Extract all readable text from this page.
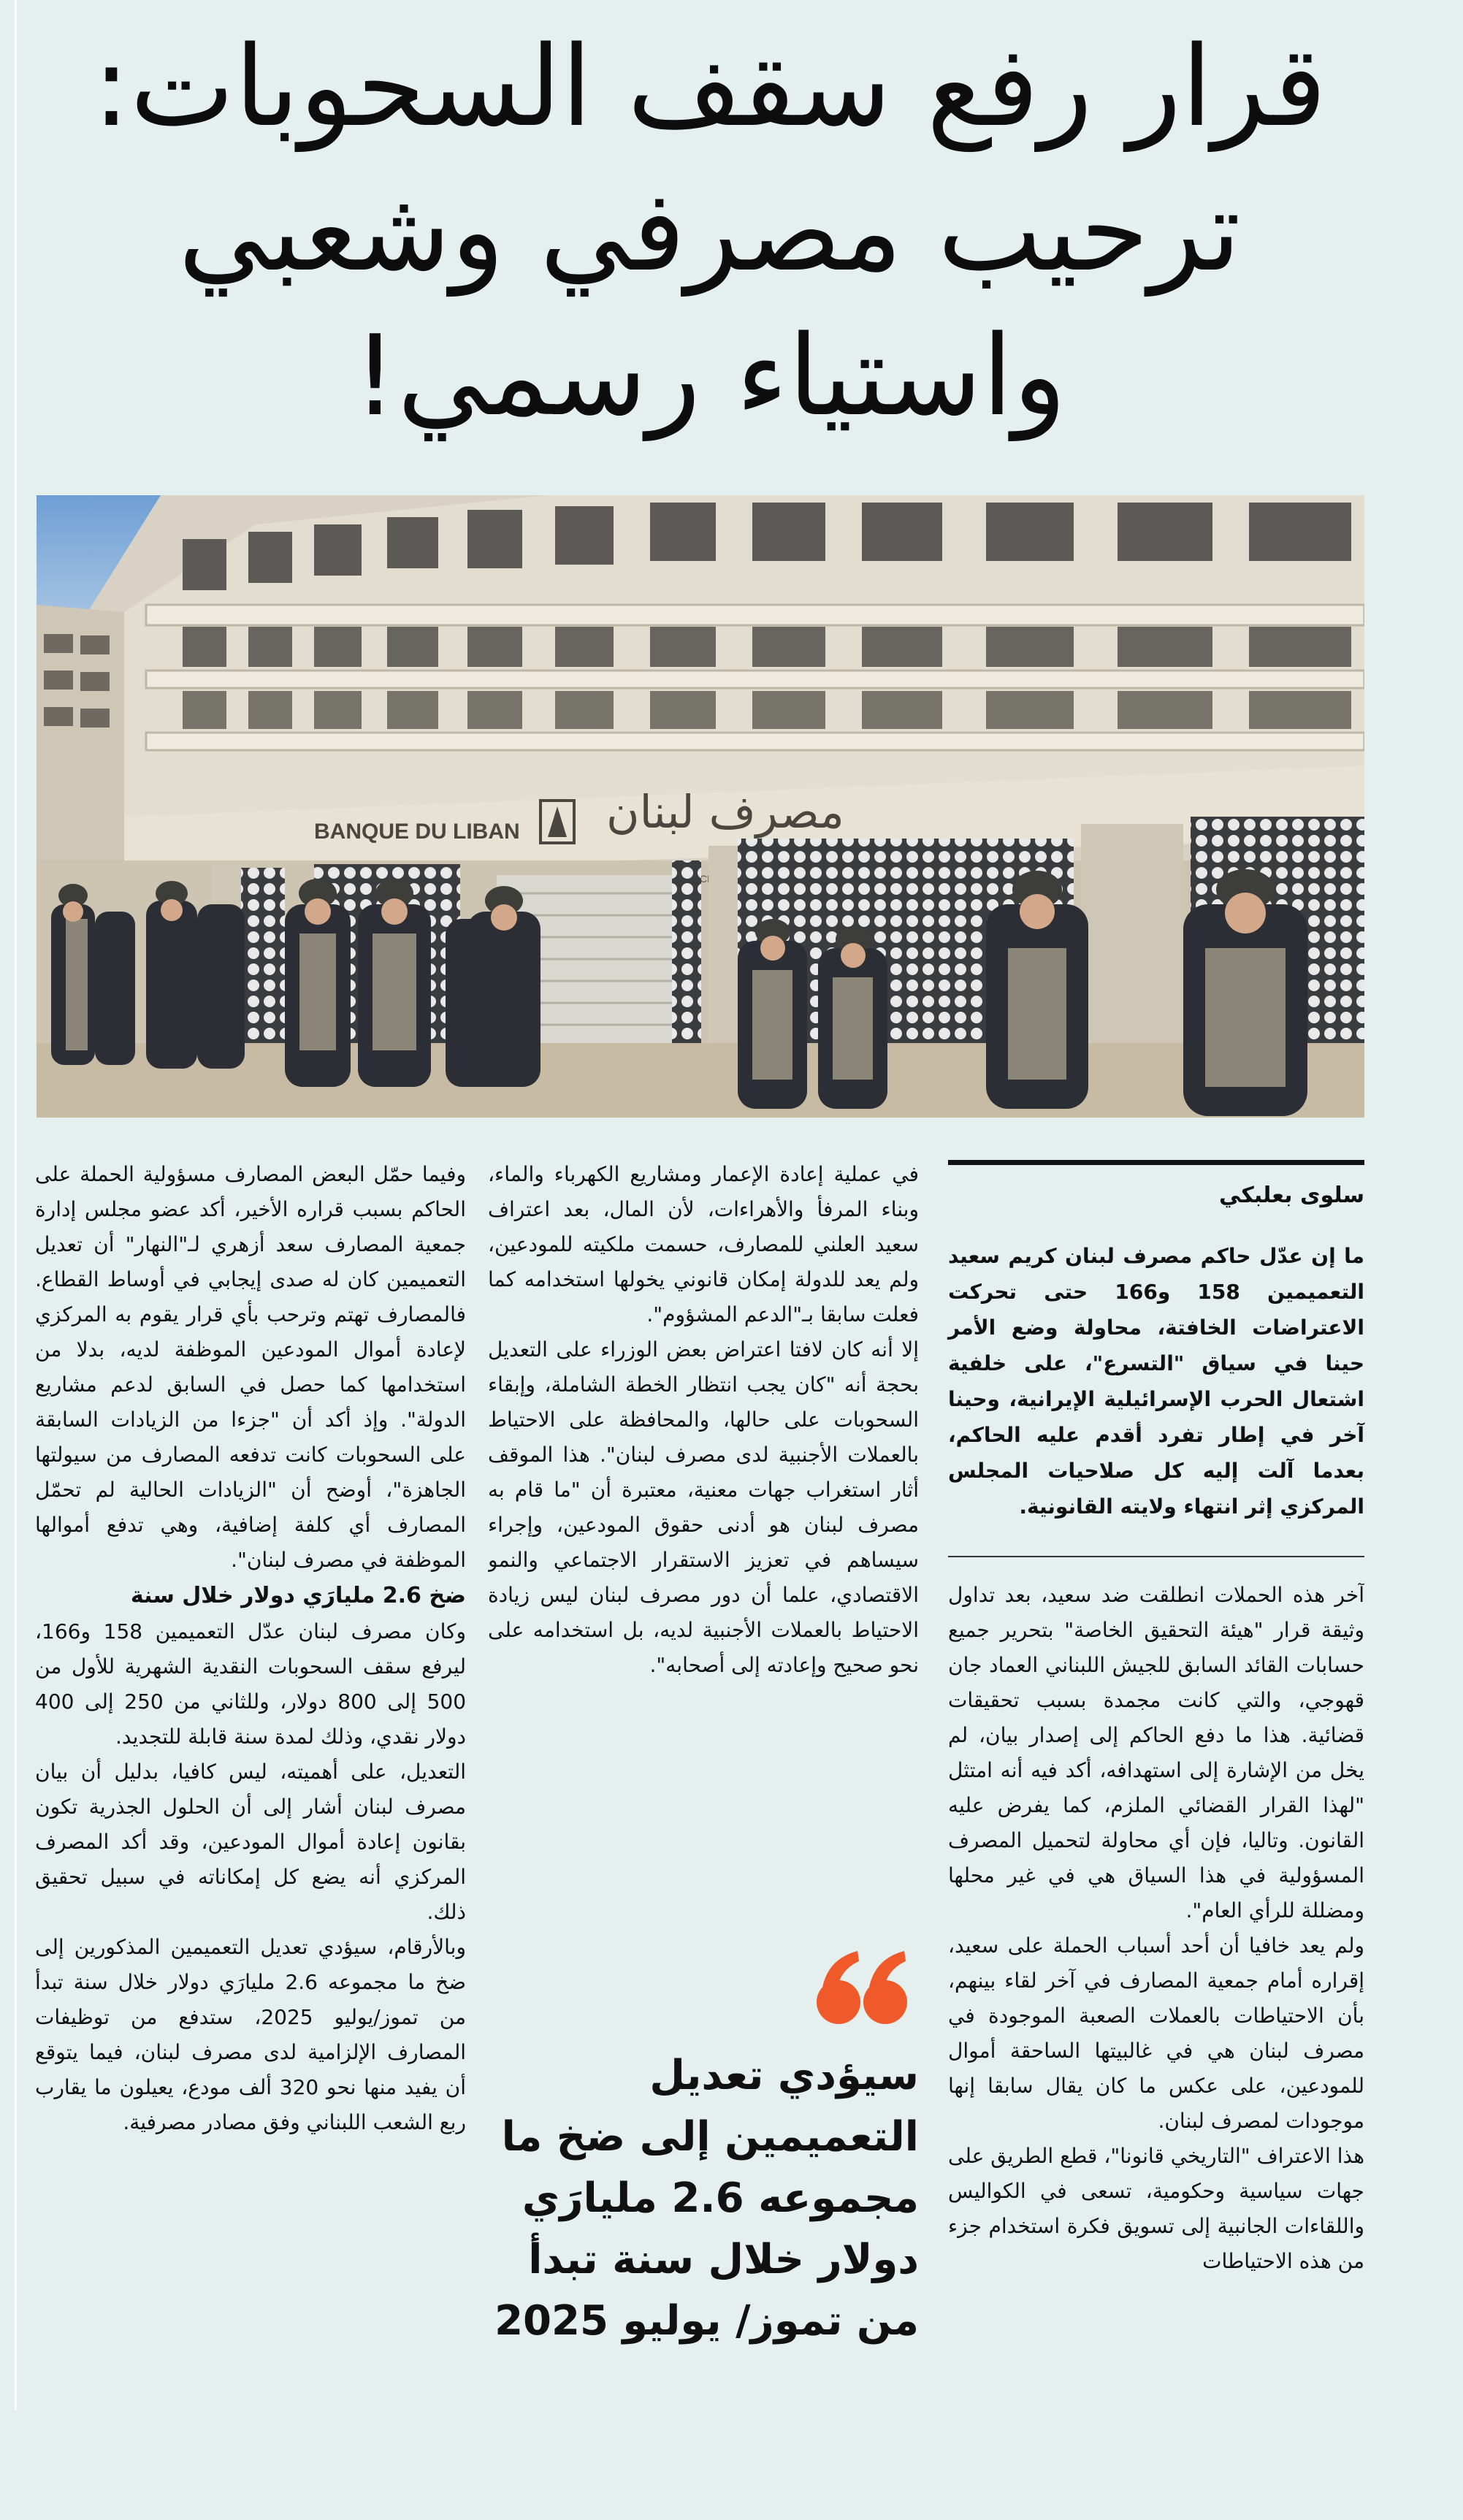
قرار رفع سقف السحوبات:
ترحيب مصرفي وشعبي
واستياء رسمي!
BANQUE DU LIBAN مصرف لبنان
سلوى بعلبكي
ما إن عدّل حاكم مصرف لبنان كريم سعيد التعميمين 158 و166 حتى تحركت الاعتراضات الخافتة، محاولة وضع الأمر حينا في سياق "التسرع"، على خلفية اشتعال الحرب الإسرائيلية الإيرانية، وحينا آخر في إطار تفرد أقدم عليه الحاكم، بعدما آلت إليه كل صلاحيات المجلس المركزي إثر انتهاء ولايته القانونية.

آخر هذه الحملات انطلقت ضد سعيد، بعد تداول وثيقة قرار "هيئة التحقيق الخاصة" بتحرير جميع حسابات القائد السابق للجيش اللبناني العماد جان قهوجي، والتي كانت مجمدة بسبب تحقيقات قضائية. هذا ما دفع الحاكم إلى إصدار بيان، لم يخل من الإشارة إلى استهدافه، أكد فيه أنه امتثل "لهذا القرار القضائي الملزم، كما يفرض عليه القانون. وتاليا، فإن أي محاولة لتحميل المصرف المسؤولية في هذا السياق هي في غير محلها ومضللة للرأي العام".

ولم يعد خافيا أن أحد أسباب الحملة على سعيد، إقراره أمام جمعية المصارف في آخر لقاء بينهم، بأن الاحتياطات بالعملات الصعبة الموجودة في مصرف لبنان هي في غالبيتها الساحقة أموال للمودعين، على عكس ما كان يقال سابقا إنها موجودات لمصرف لبنان.

هذا الاعتراف "التاريخي قانونا"، قطع الطريق على جهات سياسية وحكومية، تسعى في الكواليس واللقاءات الجانبية إلى تسويق فكرة استخدام جزء من هذه الاحتياطات

في عملية إعادة الإعمار ومشاريع الكهرباء والماء، وبناء المرفأ والأهراءات، لأن المال، بعد اعتراف سعيد العلني للمصارف، حسمت ملكيته للمودعين، ولم يعد للدولة إمكان قانوني يخولها استخدامه كما فعلت سابقا بـ"الدعم المشؤوم".

إلا أنه كان لافتا اعتراض بعض الوزراء على التعديل بحجة أنه "كان يجب انتظار الخطة الشاملة، وإبقاء السحوبات على حالها، والمحافظة على الاحتياط بالعملات الأجنبية لدى مصرف لبنان". هذا الموقف أثار استغراب جهات معنية، معتبرة أن "ما قام به مصرف لبنان هو أدنى حقوق المودعين، وإجراء سيساهم في تعزيز الاستقرار الاجتماعي والنمو الاقتصادي، علما أن دور مصرف لبنان ليس زيادة الاحتياط بالعملات الأجنبية لديه، بل استخدامه على نحو صحيح وإعادته إلى أصحابه".

سيؤدي تعديل التعميمين إلى ضخ ما مجموعه 2.6 مليارَي دولار خلال سنة تبدأ من تموز/ يوليو 2025

وفيما حمّل البعض المصارف مسؤولية الحملة على الحاكم بسبب قراره الأخير، أكد عضو مجلس إدارة جمعية المصارف سعد أزهري لـ"النهار" أن تعديل التعميمين كان له صدى إيجابي في أوساط القطاع. فالمصارف تهتم وترحب بأي قرار يقوم به المركزي لإعادة أموال المودعين الموظفة لديه، بدلا من استخدامها كما حصل في السابق لدعم مشاريع الدولة". وإذ أكد أن "جزءا من الزيادات السابقة على السحوبات كانت تدفعه المصارف من سيولتها الجاهزة"، أوضح أن "الزيادات الحالية لم تحمّل المصارف أي كلفة إضافية، وهي تدفع أموالها الموظفة في مصرف لبنان".

ضخ 2.6 مليارَي دولار خلال سنة

وكان مصرف لبنان عدّل التعميمين 158 و166، ليرفع سقف السحوبات النقدية الشهرية للأول من 500 إلى 800 دولار، وللثاني من 250 إلى 400 دولار نقدي، وذلك لمدة سنة قابلة للتجديد.

التعديل، على أهميته، ليس كافيا، بدليل أن بيان مصرف لبنان أشار إلى أن الحلول الجذرية تكون بقانون إعادة أموال المودعين، وقد أكد المصرف المركزي أنه يضع كل إمكاناته في سبيل تحقيق ذلك.

وبالأرقام، سيؤدي تعديل التعميمين المذكورين إلى ضخ ما مجموعه 2.6 مليارَي دولار خلال سنة تبدأ من تموز/يوليو 2025، ستدفع من توظيفات المصارف الإلزامية لدى مصرف لبنان، فيما يتوقع أن يفيد منها نحو 320 ألف مودع، يعيلون ما يقارب ربع الشعب اللبناني وفق مصادر مصرفية.
